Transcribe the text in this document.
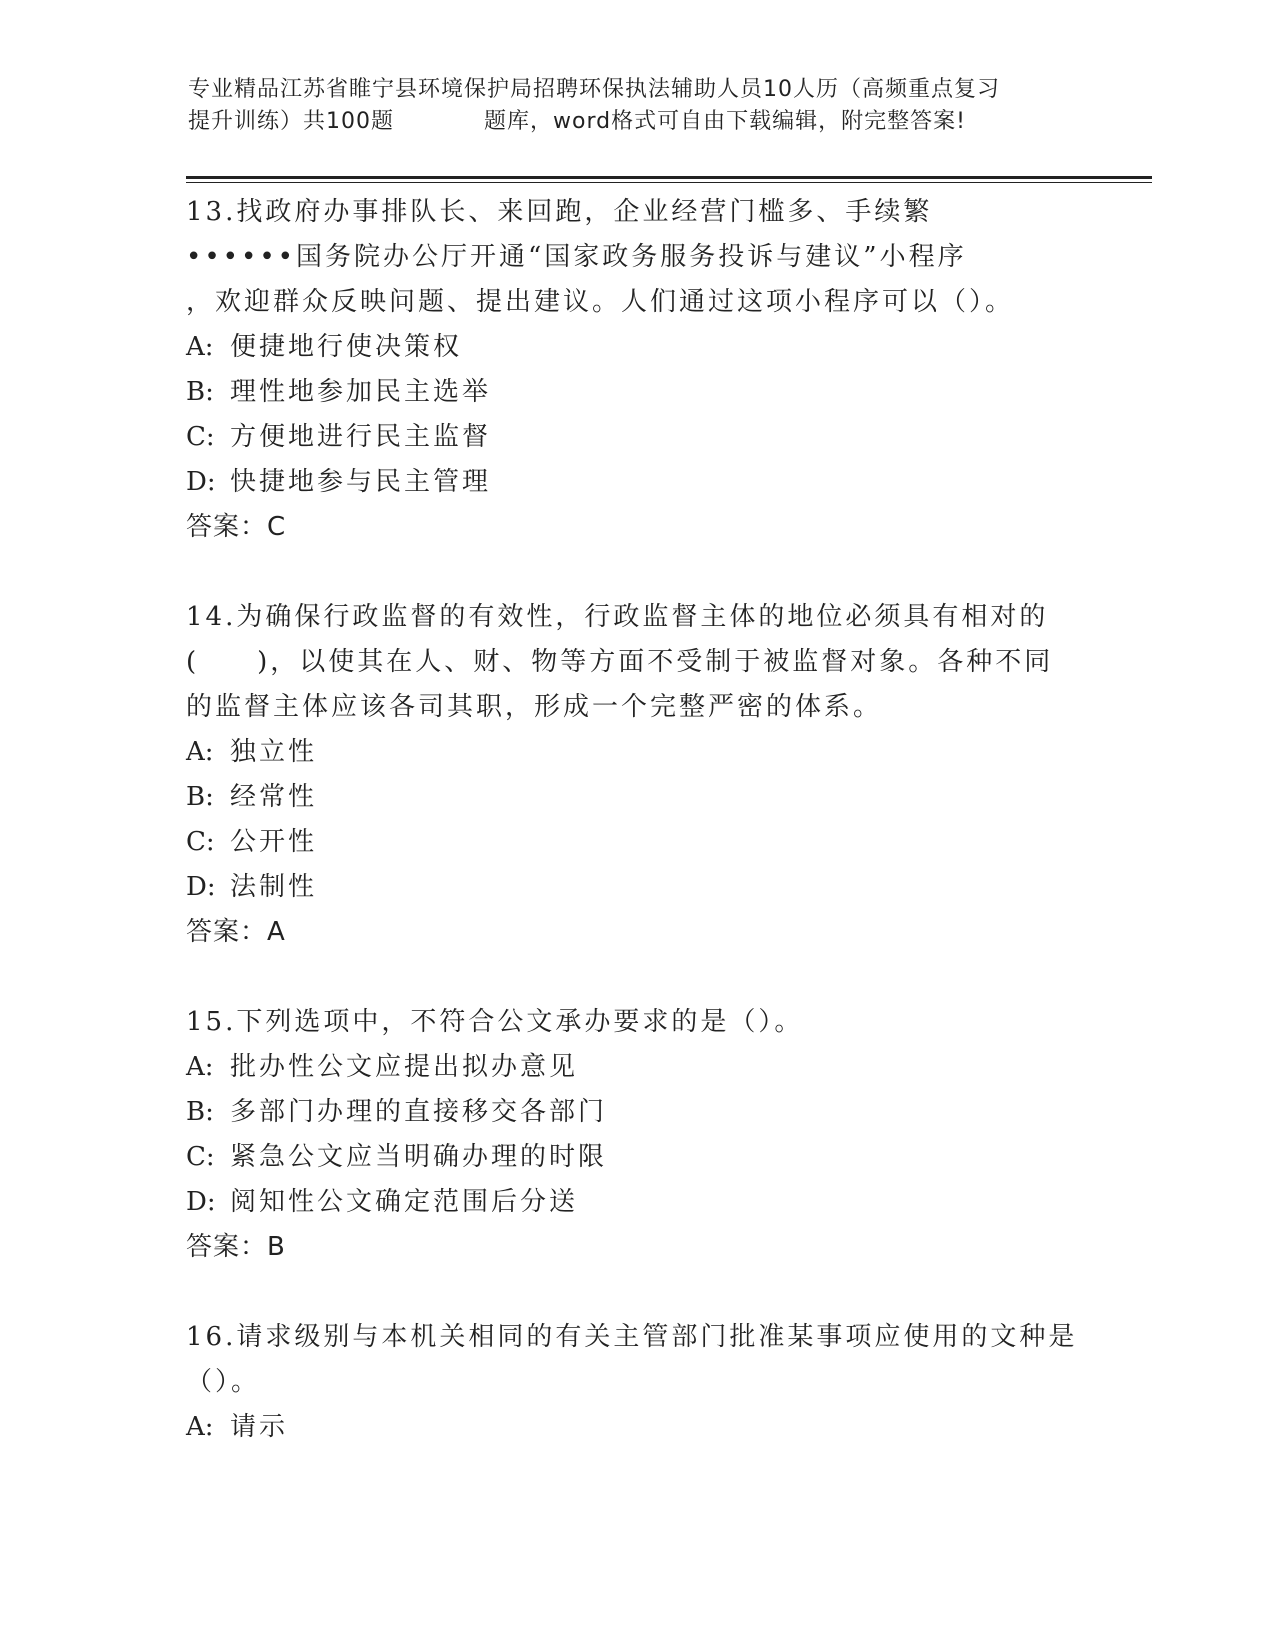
专业精品江苏省睢宁县环境保护局招聘环保执法辅助人员10人历（高频重点复习
提升训练）共100题	题库，word格式可自由下载编辑，附完整答案!
13.找政府办事排队长、来回跑，企业经营门槛多、手续繁
••••••国务院办公厅开通“国家政务服务投诉与建议”小程序
，欢迎群众反映问题、提出建议。人们通过这项小程序可以（）。
A: 便捷地行使决策权
B: 理性地参加民主选举
C: 方便地进行民主监督
D: 快捷地参与民主管理
答案：C
14.为确保行政监督的有效性，行政监督主体的地位必须具有相对的
(　　)，以使其在人、财、物等方面不受制于被监督对象。各种不同
的监督主体应该各司其职，形成一个完整严密的体系。
A: 独立性
B: 经常性
C: 公开性
D: 法制性
答案：A
15.下列选项中，不符合公文承办要求的是（）。
A: 批办性公文应提出拟办意见
B: 多部门办理的直接移交各部门
C: 紧急公文应当明确办理的时限
D: 阅知性公文确定范围后分送
答案：B
16.请求级别与本机关相同的有关主管部门批准某事项应使用的文种是
（）。
A: 请示
